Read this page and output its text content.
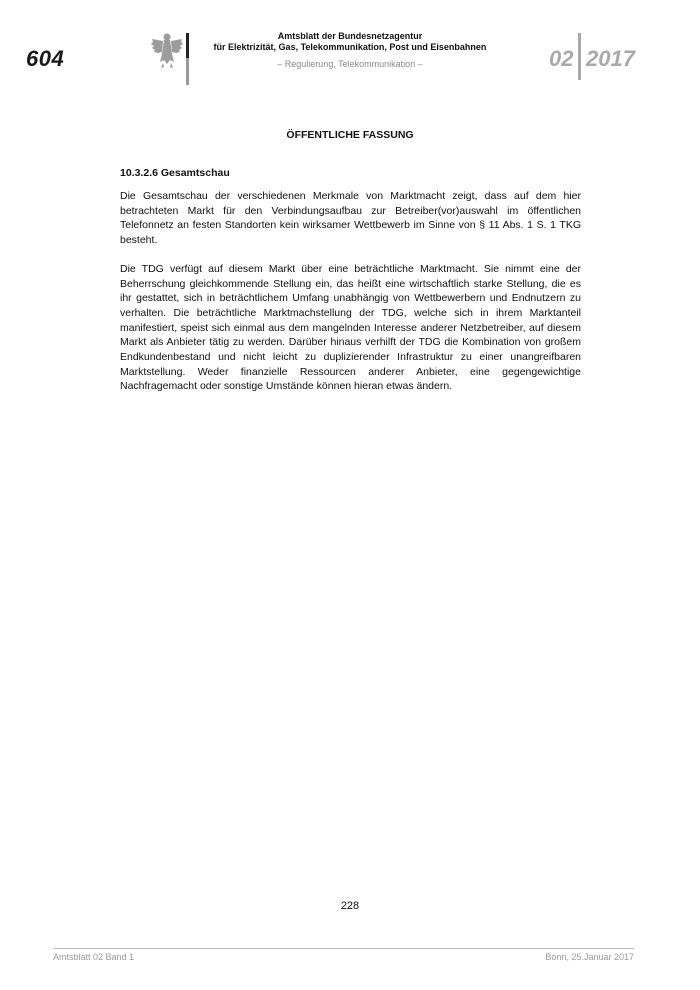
604
Amtsblatt der Bundesnetzagentur
für Elektrizität, Gas, Telekommunikation, Post und Eisenbahnen
– Regulierung, Telekommunikation –	02 2017
ÖFFENTLICHE FASSUNG
10.3.2.6 Gesamtschau

Die Gesamtschau der verschiedenen Merkmale von Marktmacht zeigt, dass auf dem hier betrachteten Markt für den Verbindungsaufbau zur Betreiber(vor)auswahl im öffentlichen Telefonnetz an festen Standorten kein wirksamer Wettbewerb im Sinne von § 11 Abs. 1 S. 1 TKG besteht.

Die TDG verfügt auf diesem Markt über eine beträchtliche Marktmacht. Sie nimmt eine der Beherrschung gleichkommende Stellung ein, das heißt eine wirtschaftlich starke Stellung, die es ihr gestattet, sich in beträchtlichem Umfang unabhängig von Wettbewerbern und Endnutzern zu verhalten. Die beträchtliche Marktmachstellung der TDG, welche sich in ihrem Marktanteil manifestiert, speist sich einmal aus dem mangelnden Interesse anderer Netzbetreiber, auf diesem Markt als Anbieter tätig zu werden. Darüber hinaus verhilft der TDG die Kombination von großem Endkundenbestand und nicht leicht zu duplizierender Infrastruktur zu einer unangreifbaren Marktstellung. Weder finanzielle Ressourcen anderer Anbieter, eine gegengewichtige Nachfragemacht oder sonstige Umstände können hieran etwas ändern.

228
Amtsblatt 02 Band 1	Bonn, 25.Januar 2017
